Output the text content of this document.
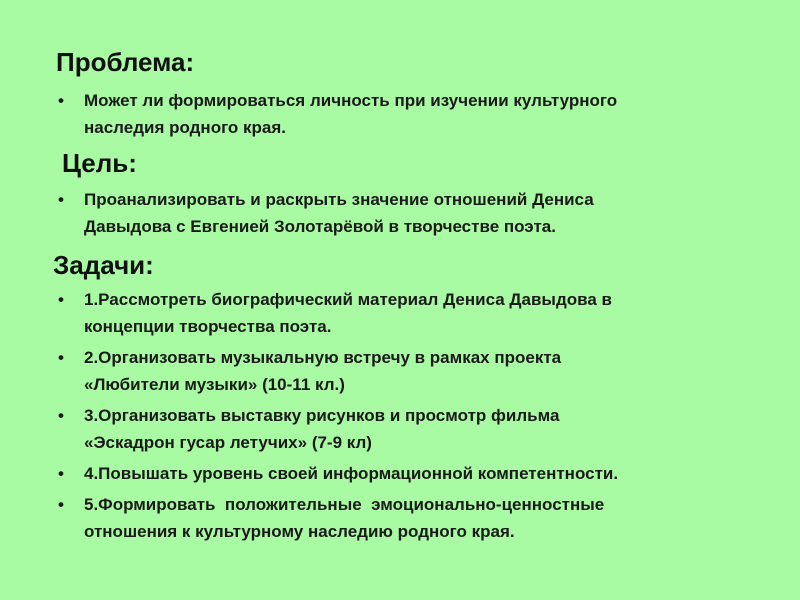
Проблема:
•	Может ли формироваться личность при изучении культурного
наследия родного края.
Цель:
•	Проанализировать и раскрыть значение отношений Дениса
Давыдова с Евгенией Золотарёвой в творчестве поэта.
Задачи:
•	1.Рассмотреть биографический материал Дениса Давыдова в
концепции творчества поэта.
•	2.Организовать музыкальную встречу в рамках проекта
«Любители музыки» (10-11 кл.)
•	3.Организовать выставку рисунков и просмотр фильма
«Эскадрон гусар летучих» (7-9 кл)
•	4.Повышать уровень своей информационной компетентности.
•	5.Формировать  положительные  эмоционально-ценностные
отношения к культурному наследию родного края.
